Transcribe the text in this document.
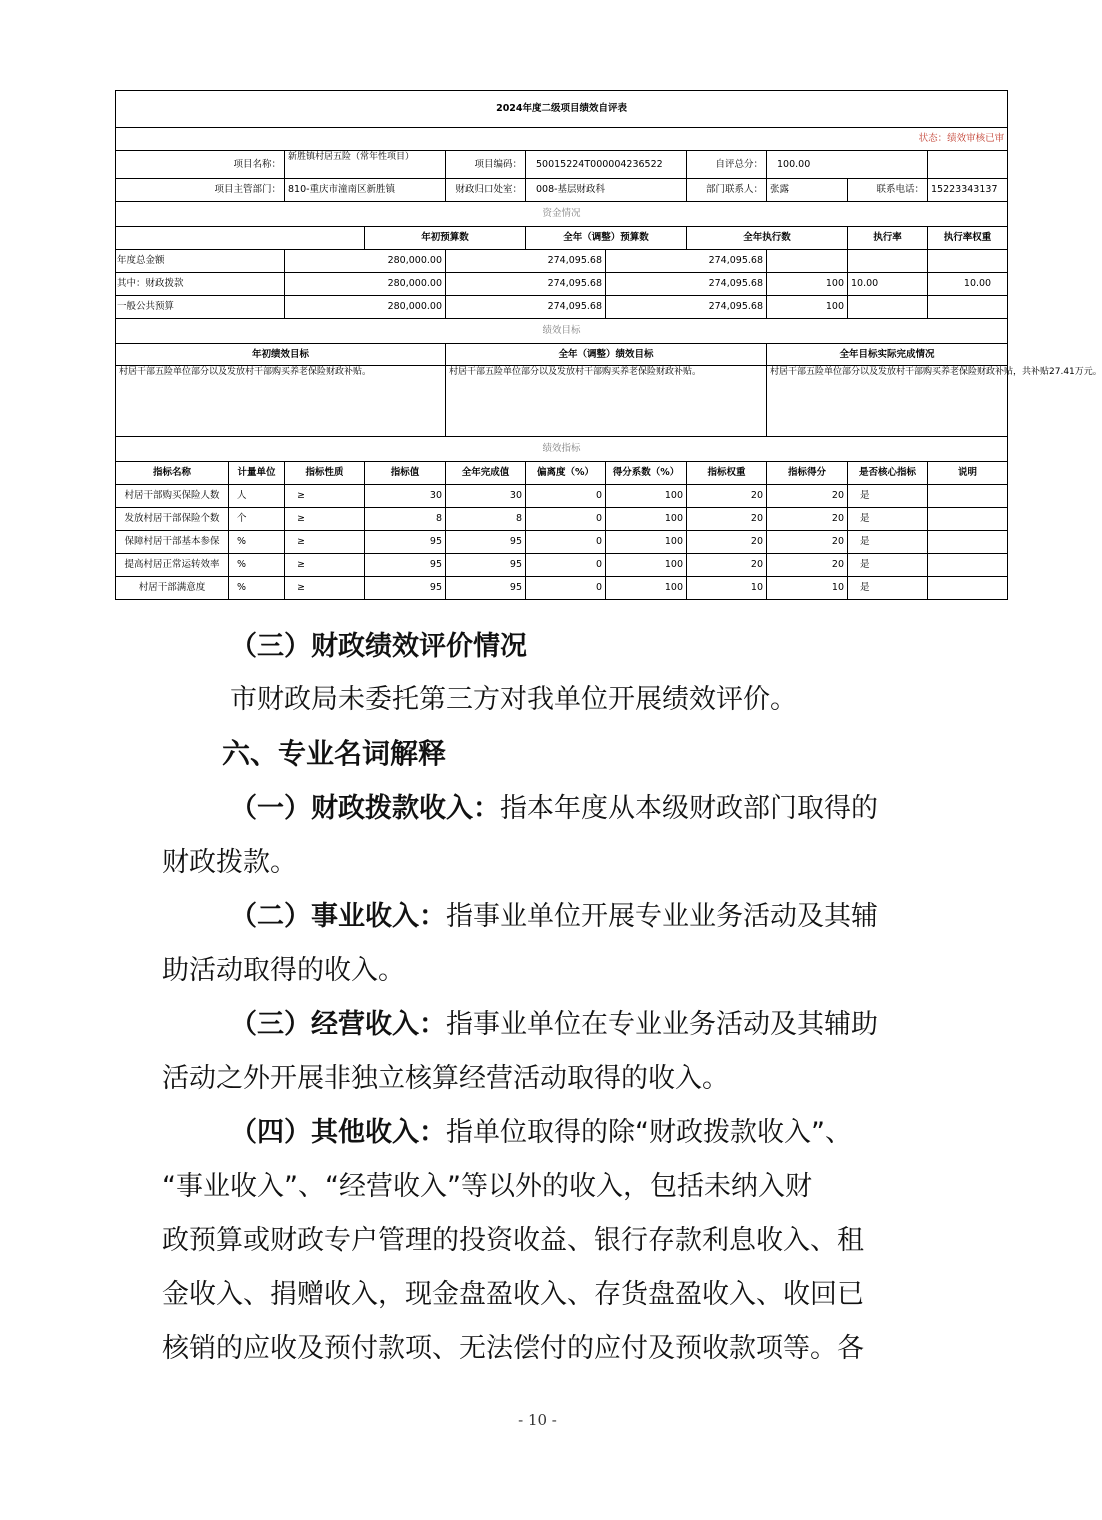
2024年度二级项目绩效自评表										
状态：绩效审核已审										
项目名称：		新胜镇村居五险（常年性项目）		项目编码：	50015224T000004236522		自评总分：	100.00		
项目主管部门：		810-重庆市潼南区新胜镇		财政归口处室：	008-基层财政科		部门联系人：	张露	联系电话：	15223343137
资金情况										
			年初预算数		全年（调整）预算数		全年执行数		执行率	执行率权重
年度总金额		280,000.00		274,095.68		274,095.68				
其中：财政拨款		280,000.00		274,095.68		274,095.68		100	10.00	10.00
一般公共预算		280,000.00		274,095.68		274,095.68		100		
绩效目标										
年初绩效目标				全年（调整）绩效目标				全年目标实际完成情况		
村居干部五险单位部分以及发放村干部购买养老保险财政补贴。				村居干部五险单位部分以及发放村干部购买养老保险财政补贴。				村居干部五险单位部分以及发放村干部购买养老保险财政补贴，共补贴27.41万元。		
绩效指标										
指标名称	计量单位	指标性质	指标值	全年完成值	偏离度（%）	得分系数（%）	指标权重	指标得分	是否核心指标	说明
村居干部购买保险人数	人	≥	30	30	0	100	20	20	是	
发放村居干部保险个数	个	≥	8	8	0	100	20	20	是	
保障村居干部基本参保	%	≥	95	95	0	100	20	20	是	
提高村居正常运转效率	%	≥	95	95	0	100	20	20	是	
村居干部满意度	%	≥	95	95	0	100	10	10	是	
（三）财政绩效评价情况
市财政局未委托第三方对我单位开展绩效评价。
六、专业名词解释
（一）财政拨款收入：指本年度从本级财政部门取得的
财政拨款。
（二）事业收入：指事业单位开展专业业务活动及其辅
助活动取得的收入。
（三）经营收入：指事业单位在专业业务活动及其辅助
活动之外开展非独立核算经营活动取得的收入。
（四）其他收入：指单位取得的除“财政拨款收入”、
“事业收入”、“经营收入”等以外的收入，包括未纳入财
政预算或财政专户管理的投资收益、银行存款利息收入、租
金收入、捐赠收入，现金盘盈收入、存货盘盈收入、收回已
核销的应收及预付款项、无法偿付的应付及预收款项等。各
- 10 -
